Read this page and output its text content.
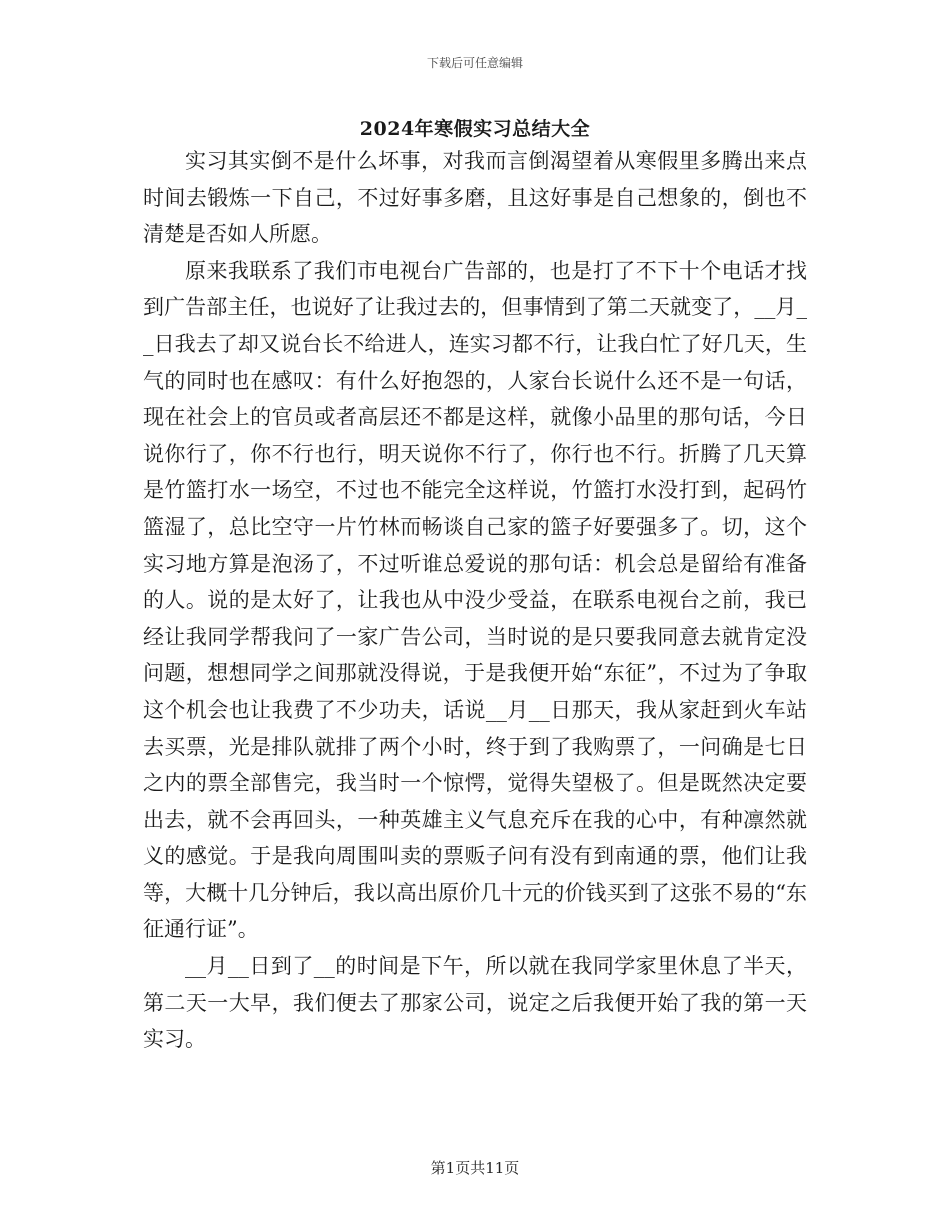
下载后可任意编辑
2024年寒假实习总结大全

实习其实倒不是什么坏事，对我而言倒渴望着从寒假里多腾出来点时间去锻炼一下自己，不过好事多磨，且这好事是自己想象的，倒也不清楚是否如人所愿。

原来我联系了我们市电视台广告部的，也是打了不下十个电话才找到广告部主任，也说好了让我过去的，但事情到了第二天就变了，__月__日我去了却又说台长不给进人，连实习都不行，让我白忙了好几天，生气的同时也在感叹：有什么好抱怨的，人家台长说什么还不是一句话，现在社会上的官员或者高层还不都是这样，就像小品里的那句话，今日说你行了，你不行也行，明天说你不行了，你行也不行。折腾了几天算是竹篮打水一场空，不过也不能完全这样说，竹篮打水没打到，起码竹篮湿了，总比空守一片竹林而畅谈自己家的篮子好要强多了。切，这个实习地方算是泡汤了，不过听谁总爱说的那句话：机会总是留给有准备的人。说的是太好了，让我也从中没少受益，在联系电视台之前，我已经让我同学帮我问了一家广告公司，当时说的是只要我同意去就肯定没问题，想想同学之间那就没得说，于是我便开始“东征”，不过为了争取这个机会也让我费了不少功夫，话说__月__日那天，我从家赶到火车站去买票，光是排队就排了两个小时，终于到了我购票了，一问确是七日之内的票全部售完，我当时一个惊愕，觉得失望极了。但是既然决定要出去，就不会再回头，一种英雄主义气息充斥在我的心中，有种凛然就义的感觉。于是我向周围叫卖的票贩子问有没有到南通的票，他们让我等，大概十几分钟后，我以高出原价几十元的价钱买到了这张不易的“东征通行证”。

__月__日到了__的时间是下午，所以就在我同学家里休息了半天，第二天一大早，我们便去了那家公司，说定之后我便开始了我的第一天实习。

第1页共11页
